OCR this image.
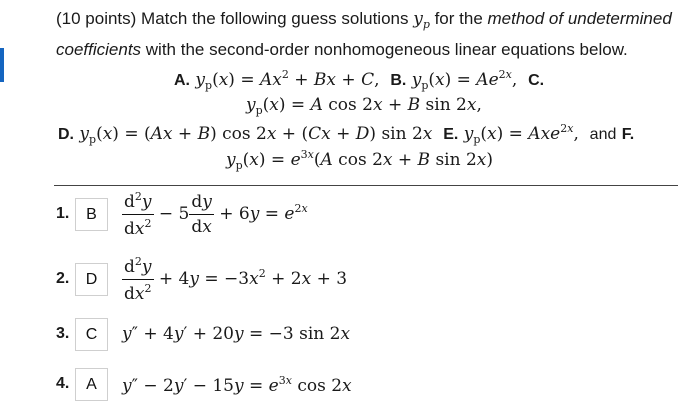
(10 points) Match the following guess solutions $y_p$ for the method of undetermined coefficients with the second-order nonhomogeneous linear equations below.
A. $y_p(x) = Ax^2 + Bx + C$,  B. $y_p(x) = Ae^{2x}$,  C.
$y_p(x) = A$ cos 2x + B sin 2x,
D. $y_p(x) = (Ax + B)$ cos 2x + (Cx + D) sin 2x E. $y_p(x) = Axe^{2x}$,  and F.
$y_p(x) = e^{3x}(A$ cos 2x + B sin 2x)
1.	B	$\frac{d^2y}{dx^2} - 5 \frac{dy}{dx} + 6y = e^{2x}$
2.	D	$\frac{d^2y}{dx^2} + 4y = -3x^2 + 2x + 3$
3.	C	y″ + 4y′ + 20y = −3 sin 2x
4.	A	$y'' - 2y' - 15y = e^{3x}$ cos 2x
